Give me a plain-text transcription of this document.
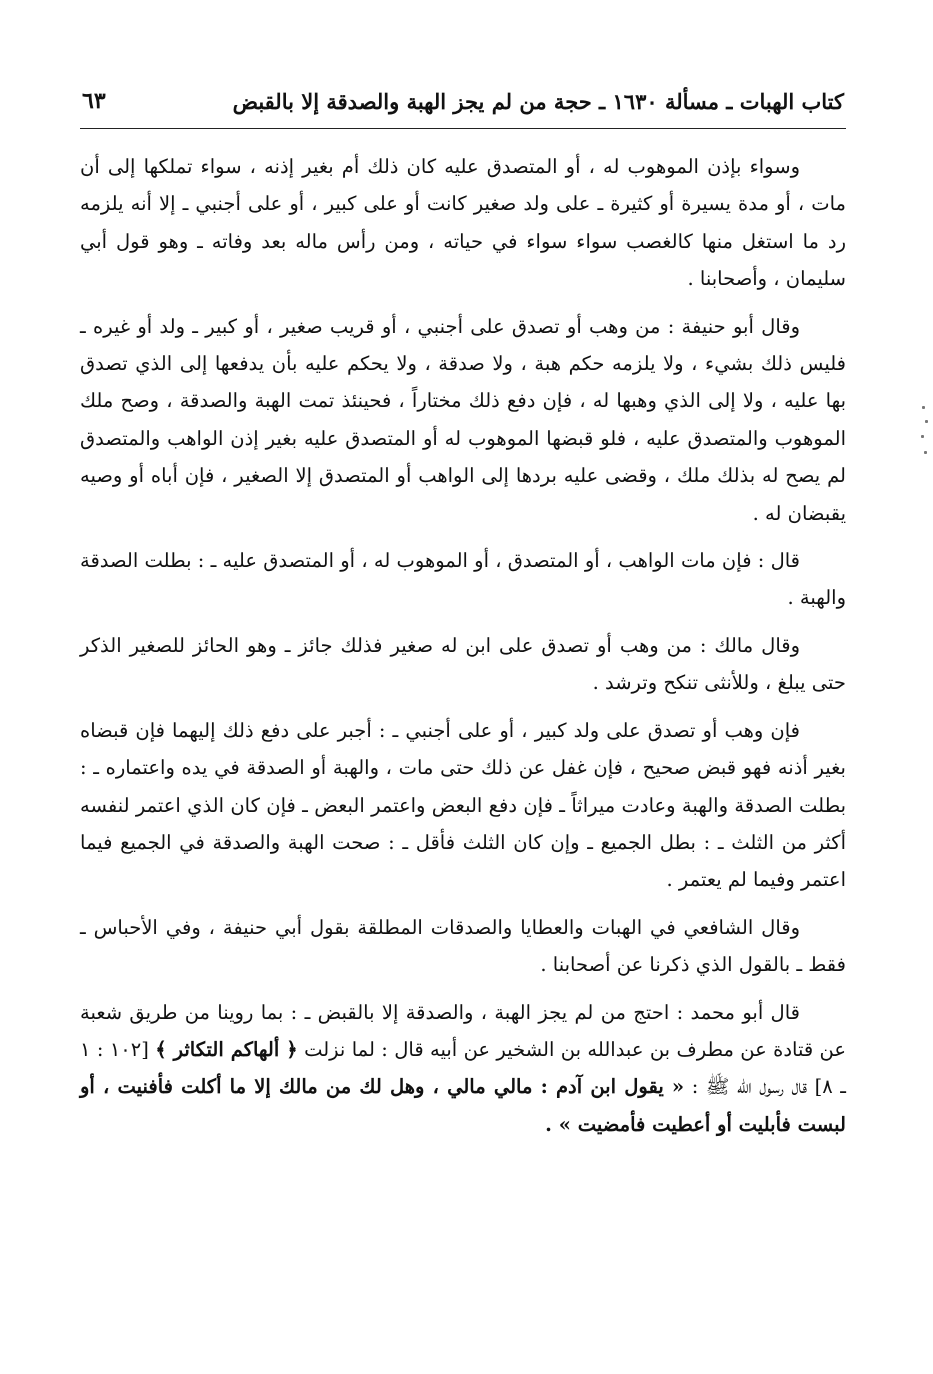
كتاب الهبات ـ مسألة ١٦٣٠ ـ حجة من لم يجز الهبة والصدقة إلا بالقبض
٦٣

وسواء بإذن الموهوب له ، أو المتصدق عليه كان ذلك أم بغير إذنه ، سواء تملكها إلى أن مات ، أو مدة يسيرة أو كثيرة ـ على ولد صغير كانت أو على كبير ، أو على أجنبي ـ إلا أنه يلزمه رد ما استغل منها كالغصب سواء سواء في حياته ، ومن رأس ماله بعد وفاته ـ وهو قول أبي سليمان ، وأصحابنا .

وقال أبو حنيفة : من وهب أو تصدق على أجنبي ، أو قريب صغير ، أو كبير ـ ولد أو غيره ـ فليس ذلك بشيء ، ولا يلزمه حكم هبة ، ولا صدقة ، ولا يحكم عليه بأن يدفعها إلى الذي تصدق بها عليه ، ولا إلى الذي وهبها له ، فإن دفع ذلك مختاراً ، فحينئذ تمت الهبة والصدقة ، وصح ملك الموهوب والمتصدق عليه ، فلو قبضها الموهوب له أو المتصدق عليه بغير إذن الواهب والمتصدق لم يصح له بذلك ملك ، وقضى عليه بردها إلى الواهب أو المتصدق إلا الصغير ، فإن أباه أو وصيه يقبضان له .

قال : فإن مات الواهب ، أو المتصدق ، أو الموهوب له ، أو المتصدق عليه ـ : بطلت الصدقة والهبة .

وقال مالك : من وهب أو تصدق على ابن له صغير فذلك جائز ـ وهو الحائز للصغير الذكر حتى يبلغ ، وللأنثى تنكح وترشد .

فإن وهب أو تصدق على ولد كبير ، أو على أجنبي ـ : أجبر على دفع ذلك إليهما فإن قبضاه بغير أذنه فهو قبض صحيح ، فإن غفل عن ذلك حتى مات ، والهبة أو الصدقة في يده واعتماره ـ : بطلت الصدقة والهبة وعادت ميراثاً ـ فإن دفع البعض واعتمر البعض ـ فإن كان الذي اعتمر لنفسه أكثر من الثلث ـ : بطل الجميع ـ وإن كان الثلث فأقل ـ : صحت الهبة والصدقة في الجميع فيما اعتمر وفيما لم يعتمر .

وقال الشافعي في الهبات والعطايا والصدقات المطلقة بقول أبي حنيفة ، وفي الأحباس ـ فقط ـ بالقول الذي ذكرنا عن أصحابنا .

قال أبو محمد : احتج من لم يجز الهبة ، والصدقة إلا بالقبض ـ : بما روينا من طريق شعبة عن قتادة عن مطرف بن عبدالله بن الشخير عن أبيه قال : لما نزلت ﴿ ألهاكم التكاثر ﴾ [١٠٢ : ١ ـ ٨] قال رسول الله ﷺ : « يقول ابن آدم : مالي مالي ، وهل لك من مالك إلا ما أكلت فأفنيت ، أو لبست فأبليت أو أعطيت فأمضيت » .
